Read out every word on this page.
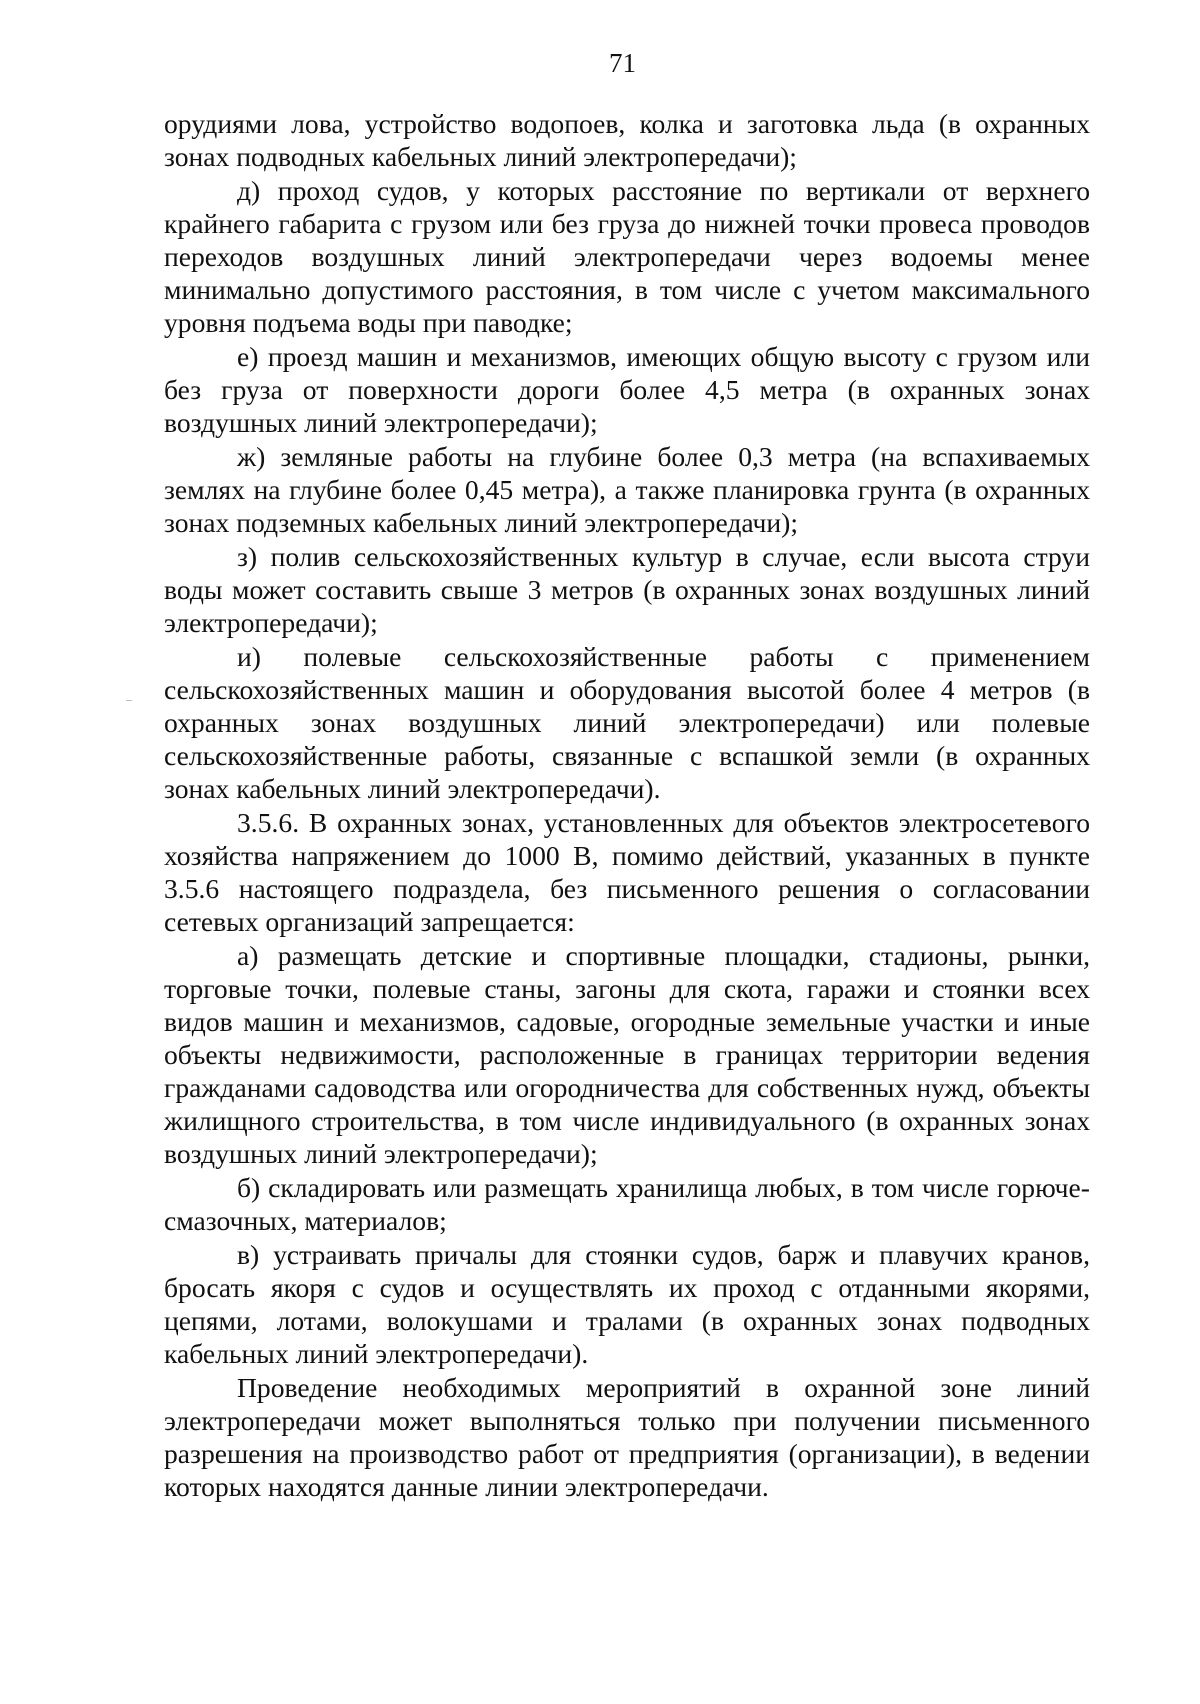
71

орудиями лова, устройство водопоев, колка и заготовка льда (в охранных зонах подводных кабельных линий электропередачи);

д) проход судов, у которых расстояние по вертикали от верхнего крайнего габарита с грузом или без груза до нижней точки провеса проводов переходов воздушных линий электропередачи через водоемы менее минимально допустимого расстояния, в том числе с учетом максимального уровня подъема воды при паводке;

е) проезд машин и механизмов, имеющих общую высоту с грузом или без груза от поверхности дороги более 4,5 метра (в охранных зонах воздушных линий электропередачи);

ж) земляные работы на глубине более 0,3 метра (на вспахиваемых землях на глубине более 0,45 метра), а также планировка грунта (в охранных зонах подземных кабельных линий электропередачи);

з) полив сельскохозяйственных культур в случае, если высота струи воды может составить свыше 3 метров (в охранных зонах воздушных линий электропередачи);

и) полевые сельскохозяйственные работы с применением сельскохозяйственных машин и оборудования высотой более 4 метров (в охранных зонах воздушных линий электропередачи) или полевые сельскохозяйственные работы, связанные с вспашкой земли (в охранных зонах кабельных линий электропередачи).

3.5.6. В охранных зонах, установленных для объектов электросетевого хозяйства напряжением до 1000 В, помимо действий, указанных в пункте 3.5.6 настоящего подраздела, без письменного решения о согласовании сетевых организаций запрещается:

а) размещать детские и спортивные площадки, стадионы, рынки, торговые точки, полевые станы, загоны для скота, гаражи и стоянки всех видов машин и механизмов, садовые, огородные земельные участки и иные объекты недвижимости, расположенные в границах территории ведения гражданами садоводства или огородничества для собственных нужд, объекты жилищного строительства, в том числе индивидуального (в охранных зонах воздушных линий электропередачи);

б) складировать или размещать хранилища любых, в том числе горюче-смазочных, материалов;

в) устраивать причалы для стоянки судов, барж и плавучих кранов, бросать якоря с судов и осуществлять их проход с отданными якорями, цепями, лотами, волокушами и тралами (в охранных зонах подводных кабельных линий электропередачи).

Проведение необходимых мероприятий в охранной зоне линий электропередачи может выполняться только при получении письменного разрешения на производство работ от предприятия (организации), в ведении которых находятся данные линии электропередачи.
